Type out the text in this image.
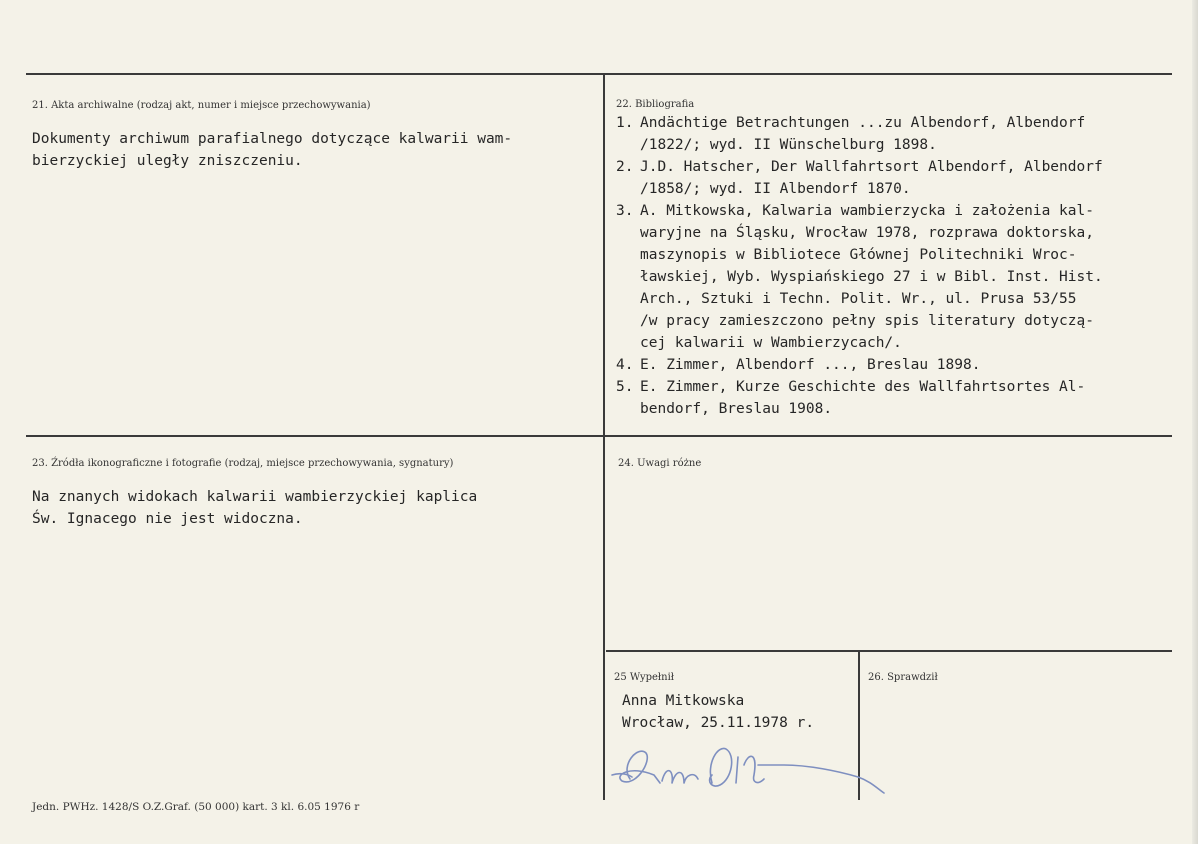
21. Akta archiwalne (rodzaj akt, numer i miejsce przechowywania)
Dokumenty archiwum parafialnego dotyczące kalwarii wam-
bierzyckiej uległy zniszczeniu.
22. Bibliografia
1. Andächtige Betrachtungen ...zu Albendorf, Albendorf
/1822/; wyd. II Wünschelburg 1898.
2. J.D. Hatscher, Der Wallfahrtsort Albendorf, Albendorf
/1858/; wyd. II Albendorf 1870.
3. A. Mitkowska, Kalwaria wambierzycka i założenia kal-
waryjne na Śląsku, Wrocław 1978, rozprawa doktorska,
maszynopis w Bibliotece Głównej Politechniki Wroc-
ławskiej, Wyb. Wyspiańskiego 27 i w Bibl. Inst. Hist.
Arch., Sztuki i Techn. Polit. Wr., ul. Prusa 53/55
/w pracy zamieszczono pełny spis literatury dotyczą-
cej kalwarii w Wambierzycach/.
4. E. Zimmer, Albendorf ..., Breslau 1898.
5. E. Zimmer, Kurze Geschichte des Wallfahrtsortes Al-
bendorf, Breslau 1908.
23. Źródła ikonograficzne i fotografie (rodzaj, miejsce przechowywania, sygnatury)
Na znanych widokach kalwarii wambierzyckiej kaplica
Św. Ignacego nie jest widoczna.
24. Uwagi różne
25 Wypełnił
Anna Mitkowska
Wrocław, 25.11.1978 r.
26. Sprawdził
Jedn. PWHz. 1428/S O.Z.Graf. (50 000) kart. 3 kl. 6.05 1976 r
